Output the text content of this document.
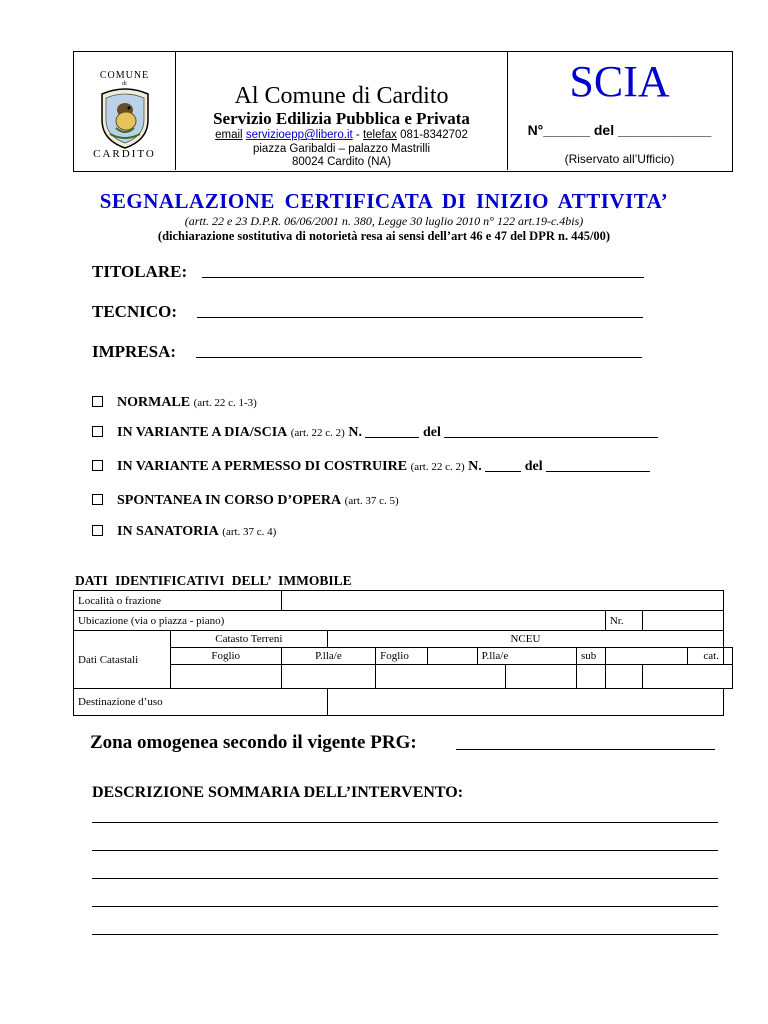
COMUNE
di
CARDITO
Al Comune di Cardito
Servizio Edilizia Pubblica e Privata
email servizioepp@libero.it - telefax 081-8342702
piazza Garibaldi – palazzo Mastrilli
80024 Cardito (NA)
SCIA
N°______ del ____________
(Riservato all’Ufficio)
SEGNALAZIONE CERTIFICATA DI INIZIO ATTIVITA’
(artt. 22 e 23 D.P.R. 06/06/2001 n. 380, Legge 30 luglio 2010 n° 122 art.19-c.4bis)
(dichiarazione sostitutiva di notorietà resa ai sensi dell’art 46 e 47 del DPR n. 445/00)
TITOLARE:
TECNICO:
IMPRESA:
NORMALE (art. 22 c. 1-3)
IN VARIANTE A DIA/SCIA (art. 22 c. 2) N.	del
IN VARIANTE A PERMESSO DI COSTRUIRE (art. 22 c. 2) N.	del
SPONTANEA IN CORSO D’OPERA (art. 37 c. 5)
IN SANATORIA (art. 37 c. 4)
DATI IDENTIFICATIVI DELL’ IMMOBILE
Località o frazione												
Ubicazione (via o piazza - piano)									Nr.			
Dati Catastali	Catasto Terreni		NCEU									
	Foglio	P.lla/e		Foglio		P.lla/e		sub			cat.	

Destinazione d’uso												
Zona omogenea secondo il vigente PRG:
DESCRIZIONE SOMMARIA DELL’INTERVENTO:
